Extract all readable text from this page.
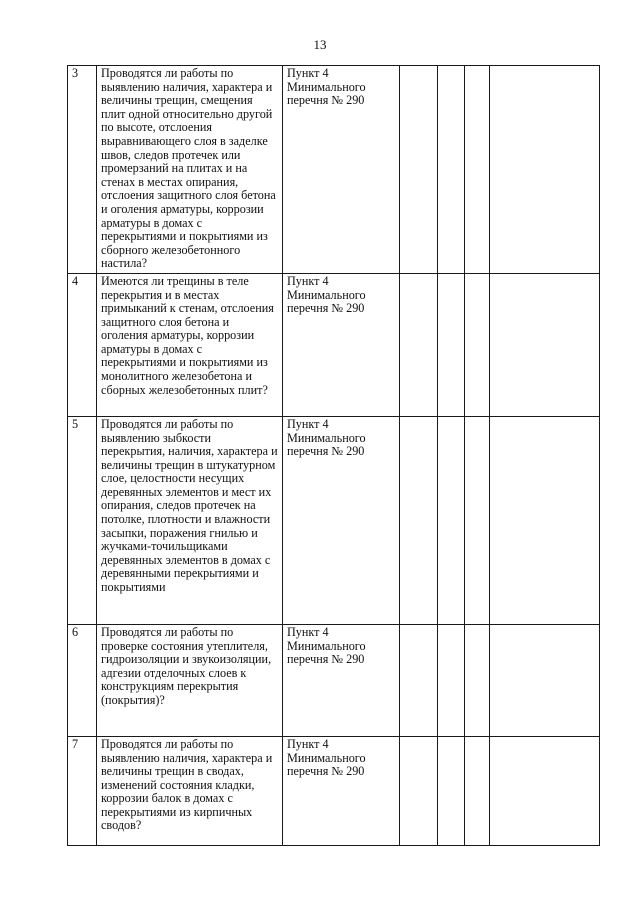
13
3	Проводятся ли работы по выявлению наличия, характера и величины трещин, смещения плит одной относительно другой по высоте, отслоения выравнивающего слоя в заделке швов, следов протечек или промерзаний на плитах и на стенах в местах опирания, отслоения защитного слоя бетона и оголения арматуры, коррозии арматуры в домах с перекрытиями и покрытиями из сборного железобетонного настила?	Пункт 4 Минимального перечня № 290				
4	Имеются ли трещины в теле перекрытия и в местах примыканий к стенам, отслоения защитного слоя бетона и оголения арматуры, коррозии арматуры в домах с перекрытиями и покрытиями из монолитного железобетона и сборных железобетонных плит?	Пункт 4 Минимального перечня № 290				
5	Проводятся ли работы по выявлению зыбкости перекрытия, наличия, характера и величины трещин в штукатурном слое, целостности несущих деревянных элементов и мест их опирания, следов протечек на потолке, плотности и влажности засыпки, поражения гнилью и жучками-точильщиками деревянных элементов в домах с деревянными перекрытиями и покрытиями	Пункт 4 Минимального перечня № 290				
6	Проводятся ли работы по проверке состояния утеплителя, гидроизоляции и звукоизоляции, адгезии отделочных слоев к конструкциям перекрытия (покрытия)?	Пункт 4 Минимального перечня № 290				
7	Проводятся ли работы по выявлению наличия, характера и величины трещин в сводах, изменений состояния кладки, коррозии балок в домах с перекрытиями из кирпичных сводов?	Пункт 4 Минимального перечня № 290				
